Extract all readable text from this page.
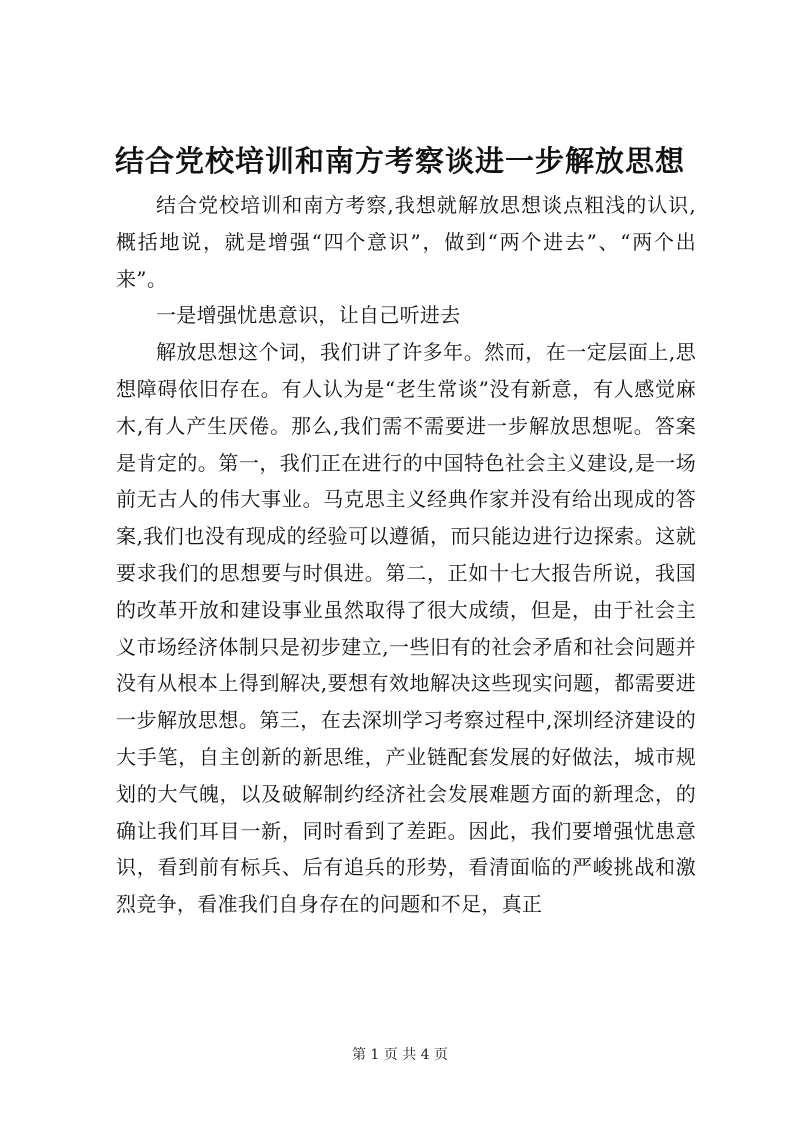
结合党校培训和南方考察谈进一步解放思想

结合党校培训和南方考察,我想就解放思想谈点粗浅的认识,概括地说，就是增强“四个意识”，做到“两个进去”、“两个出来”。

一是增强忧患意识，让自己听进去

解放思想这个词，我们讲了许多年。然而，在一定层面上,思想障碍依旧存在。有人认为是“老生常谈”没有新意，有人感觉麻木,有人产生厌倦。那么,我们需不需要进一步解放思想呢。答案是肯定的。第一，我们正在进行的中国特色社会主义建设,是一场前无古人的伟大事业。马克思主义经典作家并没有给出现成的答案,我们也没有现成的经验可以遵循，而只能边进行边探索。这就要求我们的思想要与时俱进。第二，正如十七大报告所说，我国的改革开放和建设事业虽然取得了很大成绩，但是，由于社会主义市场经济体制只是初步建立,一些旧有的社会矛盾和社会问题并没有从根本上得到解决,要想有效地解决这些现实问题，都需要进一步解放思想。第三，在去深圳学习考察过程中,深圳经济建设的大手笔，自主创新的新思维，产业链配套发展的好做法，城市规划的大气魄，以及破解制约经济社会发展难题方面的新理念，的确让我们耳目一新，同时看到了差距。因此，我们要增强忧患意识，看到前有标兵、后有追兵的形势，看清面临的严峻挑战和激烈竞争，看准我们自身存在的问题和不足，真正

第 1 页 共 4 页
